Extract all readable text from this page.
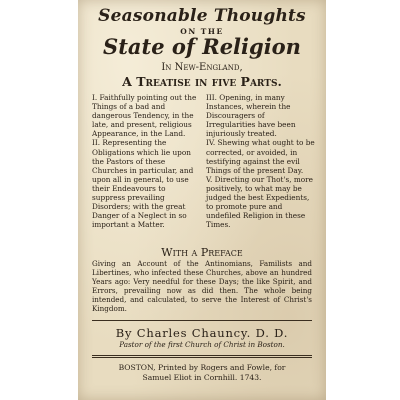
Seasonable Thoughts
ON THE
State of Religion
In New-England,
A Treatise in five Parts.

I. Faithfully pointing out the Things of a bad and dangerous Tendency, in the late, and present, religious Appearance, in the Land.

II. Representing the Obligations which lie upon the Pastors of these Churches in particular, and upon all in general, to use their Endeavours to suppress prevailing Disorders; with the great Danger of a Neglect in so important a Matter.

III. Opening, in many Instances, wherein the Discouragers of Irregularities have been injuriously treated.

IV. Shewing what ought to be corrected, or avoided, in testifying against the evil Things of the present Day.

V. Directing our Thot's, more positively, to what may be judged the best Expedients, to promote pure and undefiled Religion in these Times.

With a Preface
Giving an Account of the Antinomians, Familists and Libertines, who infected these Churches, above an hundred Years ago: Very needful for these Days; the like Spirit, and Errors, prevailing now as did then. The whole being intended, and calculated, to serve the Interest of Christ's Kingdom.
By Charles Chauncy. D. D.
Pastor of the first Church of Christ in Boston.
BOSTON, Printed by Rogers and Fowle, for
Samuel Eliot in Cornhill. 1743.
